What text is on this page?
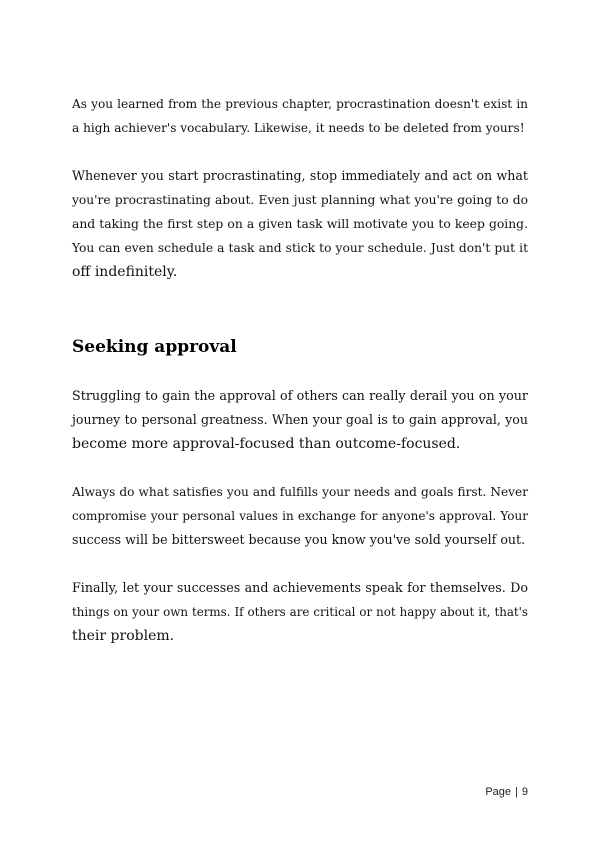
As you learned from the previous chapter, procrastination doesn't exist in
a high achiever's vocabulary. Likewise, it needs to be deleted from yours!

Whenever you start procrastinating, stop immediately and act on what
you're procrastinating about. Even just planning what you're going to do
and taking the first step on a given task will motivate you to keep going.
You can even schedule a task and stick to your schedule. Just don't put it
off indefinitely.

Seeking approval

Struggling to gain the approval of others can really derail you on your
journey to personal greatness. When your goal is to gain approval, you
become more approval-focused than outcome-focused.

Always do what satisfies you and fulfills your needs and goals first. Never
compromise your personal values in exchange for anyone's approval. Your
success will be bittersweet because you know you've sold yourself out.

Finally, let your successes and achievements speak for themselves. Do
things on your own terms. If others are critical or not happy about it, that's
their problem.

Page | 9
